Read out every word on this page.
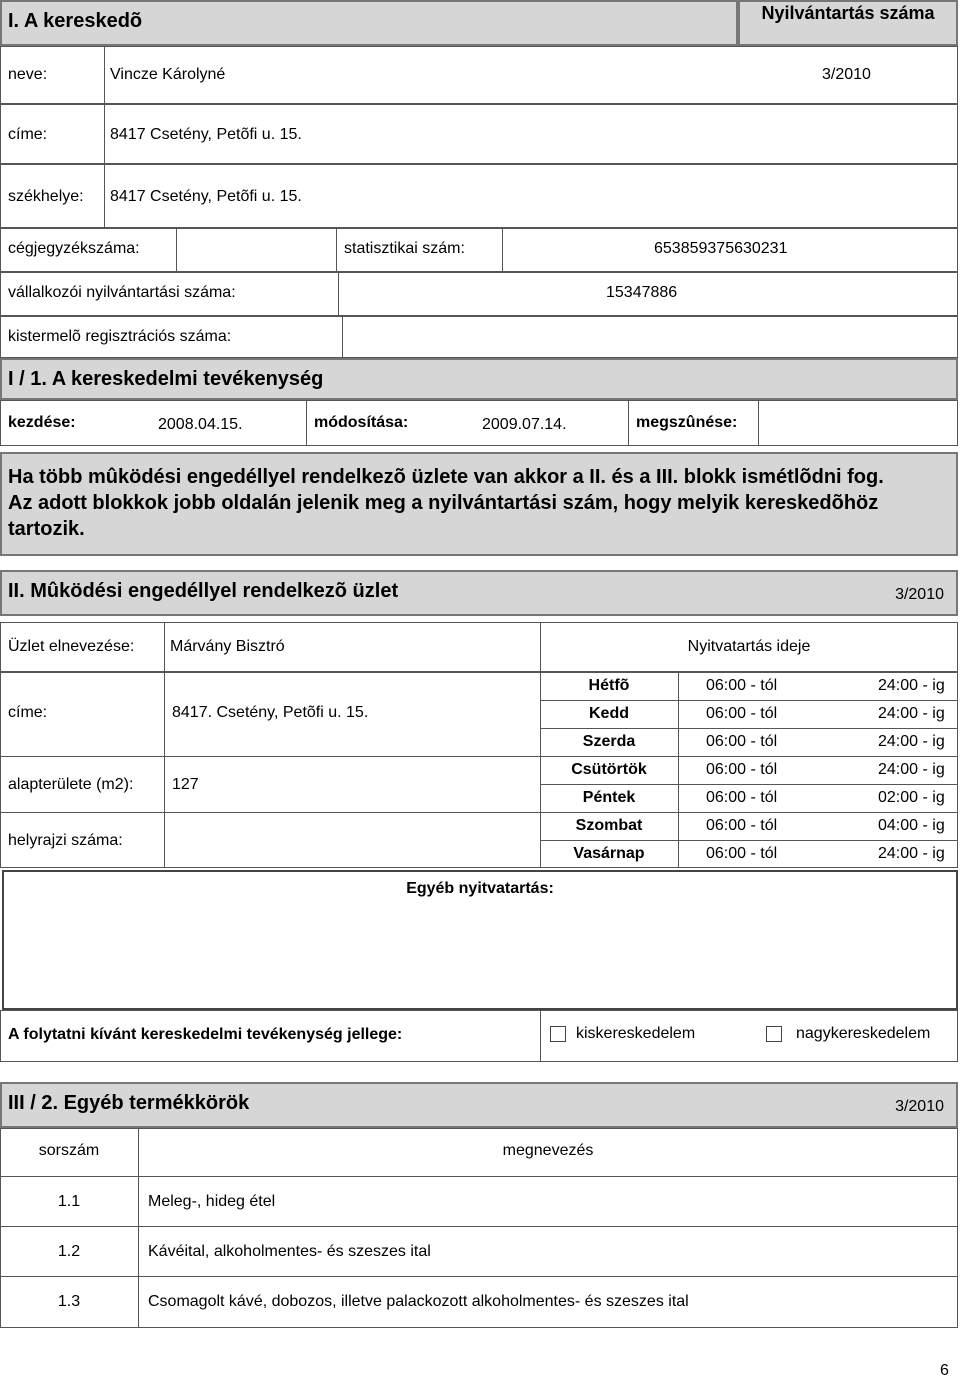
I. A kereskedõ	Nyilvántartás száma
neve:	Vincze Károlyné	3/2010
címe:	8417 Csetény, Petõfi u. 15.
székhelye: 8417 Csetény, Petõfi u. 15.
cégjegyzékszáma:	statisztikai szám:	653859375630231
vállalkozói nyilvántartási száma:	15347886
kistermelõ regisztrációs száma:
I / 1. A kereskedelmi tevékenység
kezdése:	2008.04.15.	módosítása:	2009.07.14.	megszûnése:
Ha több mûködési engedéllyel rendelkezõ üzlete van akkor a II. és a III. blokk ismétlõdni fog. Az adott blokkok jobb oldalán jelenik meg a nyilvántartási szám, hogy melyik kereskedõhöz tartozik.
II. Mûködési engedéllyel rendelkezõ üzlet	3/2010
Üzlet elnevezése: Márvány Bisztró	Nyitvatartás ideje
címe:	8417. Csetény, Petõfi u. 15.
alapterülete (m2): 127
helyrajzi száma:
Hétfõ	06:00 - tól	24:00 - ig
Kedd	06:00 - tól	24:00 - ig
Szerda	06:00 - tól	24:00 - ig
Csütörtök	06:00 - tól	24:00 - ig
Péntek	06:00 - tól	02:00 - ig
Szombat	06:00 - tól	04:00 - ig
Vasárnap	06:00 - tól	24:00 - ig
Egyéb nyitvatartás:
A folytatni kívánt kereskedelmi tevékenység jellege:	kiskereskedelem	nagykereskedelem
III / 2. Egyéb termékkörök	3/2010
sorszám	megnevezés
1.1	Meleg-, hideg étel
1.2	Kávéital, alkoholmentes- és szeszes ital
1.3	Csomagolt kávé, dobozos, illetve palackozott alkoholmentes- és szeszes ital
6
